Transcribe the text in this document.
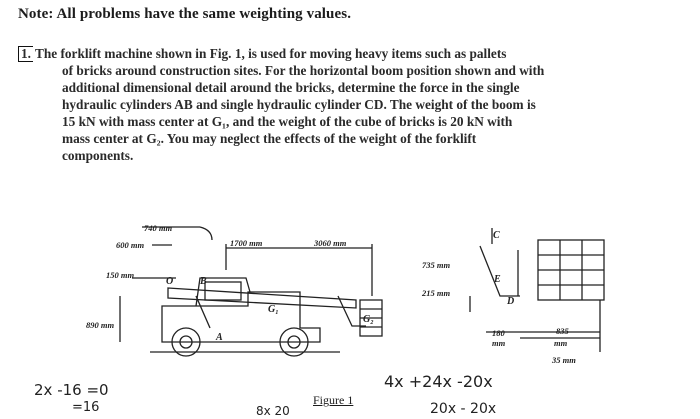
Note: All problems have the same weighting values.
1. The forklift machine shown in Fig. 1, is used for moving heavy items such as pallets
of bricks around construction sites. For the horizontal boom position shown and with
additional dimensional detail around the bricks, determine the force in the single
hydraulic cylinders AB and single hydraulic cylinder CD. The weight of the boom is
15 kN with mass center at G₁, and the weight of the cube of bricks is 20 kN with
mass center at G₂. You may neglect the effects of the weight of the forklift
components.
740 mm
600 mm
150 mm
890 mm
1700 mm	3060 mm
735 mm
215 mm
180
mm
835
mm
35 mm
O	B
A
G₁
G₂
C
D
E
Figure 1
2x -16 =0
=16
4x +24x -20x
20x - 20x
8x 20
